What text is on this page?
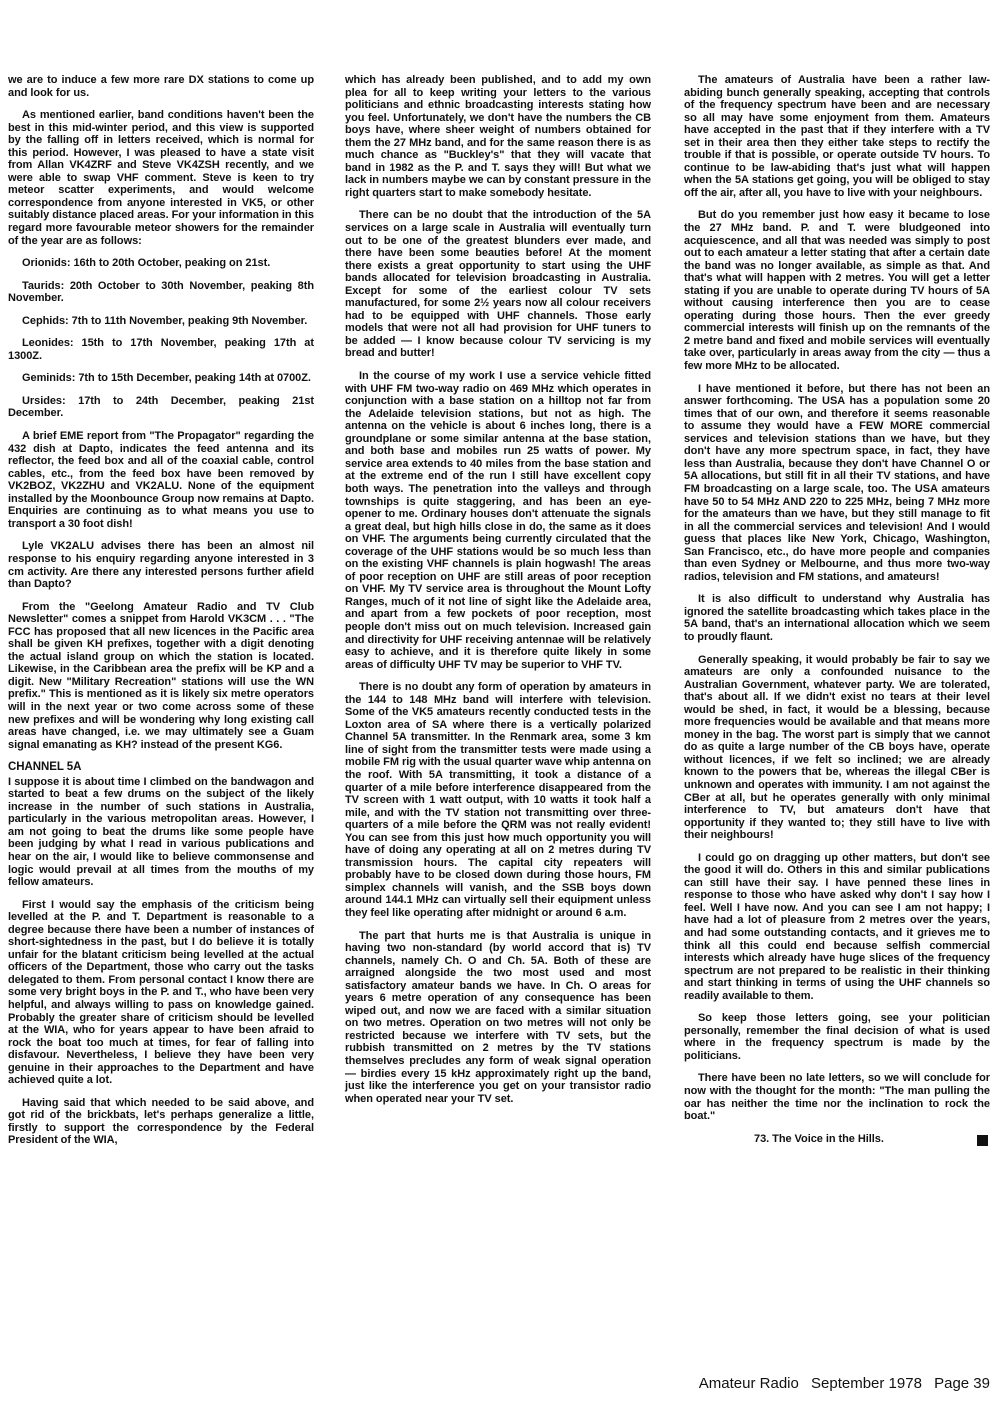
we are to induce a few more rare DX stations to come up and look for us.

As mentioned earlier, band conditions haven't been the best in this mid-winter period, and this view is supported by the falling off in letters received, which is normal for this period. However, I was pleased to have a state visit from Allan VK4ZRF and Steve VK4ZSH recently, and we were able to swap VHF comment. Steve is keen to try meteor scatter experiments, and would welcome correspondence from anyone interested in VK5, or other suitably distance placed areas. For your information in this regard more favourable meteor showers for the remainder of the year are as follows:

Orionids: 16th to 20th October, peaking on 21st.

Taurids: 20th October to 30th November, peaking 8th November.

Cephids: 7th to 11th November, peaking 9th November.

Leonides: 15th to 17th November, peaking 17th at 1300Z.

Geminids: 7th to 15th December, peaking 14th at 0700Z.

Ursides: 17th to 24th December, peaking 21st December.

A brief EME report from "The Propagator" regarding the 432 dish at Dapto, indicates the feed antenna and its reflector, the feed box and all of the coaxial cable, control cables, etc., from the feed box have been removed by VK2BOZ, VK2ZHU and VK2ALU. None of the equipment installed by the Moonbounce Group now remains at Dapto. Enquiries are continuing as to what means you use to transport a 30 foot dish!

Lyle VK2ALU advises there has been an almost nil response to his enquiry regarding anyone interested in 3 cm activity. Are there any interested persons further afield than Dapto?

From the "Geelong Amateur Radio and TV Club Newsletter" comes a snippet from Harold VK3CM . . . "The FCC has proposed that all new licences in the Pacific area shall be given KH prefixes, together with a digit denoting the actual island group on which the station is located. Likewise, in the Caribbean area the prefix will be KP and a digit. New "Military Recreation" stations will use the WN prefix." This is mentioned as it is likely six metre operators will in the next year or two come across some of these new prefixes and will be wondering why long existing call areas have changed, i.e. we may ultimately see a Guam signal emanating as KH? instead of the present KG6.

CHANNEL 5A

I suppose it is about time I climbed on the bandwagon and started to beat a few drums on the subject of the likely increase in the number of such stations in Australia, particularly in the various metropolitan areas. However, I am not going to beat the drums like some people have been judging by what I read in various publications and hear on the air, I would like to believe commonsense and logic would prevail at all times from the mouths of my fellow amateurs.

First I would say the emphasis of the criticism being levelled at the P. and T. Department is reasonable to a degree because there have been a number of instances of short-sightedness in the past, but I do believe it is totally unfair for the blatant criticism being levelled at the actual officers of the Department, those who carry out the tasks delegated to them. From personal contact I know there are some very bright boys in the P. and T., who have been very helpful, and always willing to pass on knowledge gained. Probably the greater share of criticism should be levelled at the WIA, who for years appear to have been afraid to rock the boat too much at times, for fear of falling into disfavour. Nevertheless, I believe they have been very genuine in their approaches to the Department and have achieved quite a lot.

Having said that which needed to be said above, and got rid of the brickbats, let's perhaps generalize a little, firstly to support the correspondence by the Federal President of the WIA,

which has already been published, and to add my own plea for all to keep writing your letters to the various politicians and ethnic broadcasting interests stating how you feel. Unfortunately, we don't have the numbers the CB boys have, where sheer weight of numbers obtained for them the 27 MHz band, and for the same reason there is as much chance as "Buckley's" that they will vacate that band in 1982 as the P. and T. says they will! But what we lack in numbers maybe we can by constant pressure in the right quarters start to make somebody hesitate.

There can be no doubt that the introduction of the 5A services on a large scale in Australia will eventually turn out to be one of the greatest blunders ever made, and there have been some beauties before! At the moment there exists a great opportunity to start using the UHF bands allocated for television broadcasting in Australia. Except for some of the earliest colour TV sets manufactured, for some 2½ years now all colour receivers had to be equipped with UHF channels. Those early models that were not all had provision for UHF tuners to be added — I know because colour TV servicing is my bread and butter!

In the course of my work I use a service vehicle fitted with UHF FM two-way radio on 469 MHz which operates in conjunction with a base station on a hilltop not far from the Adelaide television stations, but not as high. The antenna on the vehicle is about 6 inches long, there is a groundplane or some similar antenna at the base station, and both base and mobiles run 25 watts of power. My service area extends to 40 miles from the base station and at the extreme end of the run I still have excellent copy both ways. The penetration into the valleys and through townships is quite staggering, and has been an eye-opener to me. Ordinary houses don't attenuate the signals a great deal, but high hills close in do, the same as it does on VHF. The arguments being currently circulated that the coverage of the UHF stations would be so much less than on the existing VHF channels is plain hogwash! The areas of poor reception on UHF are still areas of poor reception on VHF. My TV service area is throughout the Mount Lofty Ranges, much of it not line of sight like the Adelaide area, and apart from a few pockets of poor reception, most people don't miss out on much television. Increased gain and directivity for UHF receiving antennae will be relatively easy to achieve, and it is therefore quite likely in some areas of difficulty UHF TV may be superior to VHF TV.

There is no doubt any form of operation by amateurs in the 144 to 148 MHz band will interfere with television. Some of the VK5 amateurs recently conducted tests in the Loxton area of SA where there is a vertically polarized Channel 5A transmitter. In the Renmark area, some 3 km line of sight from the transmitter tests were made using a mobile FM rig with the usual quarter wave whip antenna on the roof. With 5A transmitting, it took a distance of a quarter of a mile before interference disappeared from the TV screen with 1 watt output, with 10 watts it took half a mile, and with the TV station not transmitting over three-quarters of a mile before the QRM was not really evident! You can see from this just how much opportunity you will have of doing any operating at all on 2 metres during TV transmission hours. The capital city repeaters will probably have to be closed down during those hours, FM simplex channels will vanish, and the SSB boys down around 144.1 MHz can virtually sell their equipment unless they feel like operating after midnight or around 6 a.m.

The part that hurts me is that Australia is unique in having two non-standard (by world accord that is) TV channels, namely Ch. O and Ch. 5A. Both of these are arraigned alongside the two most used and most satisfactory amateur bands we have. In Ch. O areas for years 6 metre operation of any consequence has been wiped out, and now we are faced with a similar situation on two metres. Operation on two metres will not only be restricted because we interfere with TV sets, but the rubbish transmitted on 2 metres by the TV stations themselves precludes any form of weak signal operation — birdies every 15 kHz approximately right up the band, just like the interference you get on your transistor radio when operated near your TV set.

The amateurs of Australia have been a rather law-abiding bunch generally speaking, accepting that controls of the frequency spectrum have been and are necessary so all may have some enjoyment from them. Amateurs have accepted in the past that if they interfere with a TV set in their area then they either take steps to rectify the trouble if that is possible, or operate outside TV hours. To continue to be law-abiding that's just what will happen when the 5A stations get going, you will be obliged to stay off the air, after all, you have to live with your neighbours.

But do you remember just how easy it became to lose the 27 MHz band. P. and T. were bludgeoned into acquiescence, and all that was needed was simply to post out to each amateur a letter stating that after a certain date the band was no longer available, as simple as that. And that's what will happen with 2 metres. You will get a letter stating if you are unable to operate during TV hours of 5A without causing interference then you are to cease operating during those hours. Then the ever greedy commercial interests will finish up on the remnants of the 2 metre band and fixed and mobile services will eventually take over, particularly in areas away from the city — thus a few more MHz to be allocated.

I have mentioned it before, but there has not been an answer forthcoming. The USA has a population some 20 times that of our own, and therefore it seems reasonable to assume they would have a FEW MORE commercial services and television stations than we have, but they don't have any more spectrum space, in fact, they have less than Australia, because they don't have Channel O or 5A allocations, but still fit in all their TV stations, and have FM broadcasting on a large scale, too. The USA amateurs have 50 to 54 MHz AND 220 to 225 MHz, being 7 MHz more for the amateurs than we have, but they still manage to fit in all the commercial services and television! And I would guess that places like New York, Chicago, Washington, San Francisco, etc., do have more people and companies than even Sydney or Melbourne, and thus more two-way radios, television and FM stations, and amateurs!

It is also difficult to understand why Australia has ignored the satellite broadcasting which takes place in the 5A band, that's an international allocation which we seem to proudly flaunt.

Generally speaking, it would probably be fair to say we amateurs are only a confounded nuisance to the Australian Government, whatever party. We are tolerated, that's about all. If we didn't exist no tears at their level would be shed, in fact, it would be a blessing, because more frequencies would be available and that means more money in the bag. The worst part is simply that we cannot do as quite a large number of the CB boys have, operate without licences, if we felt so inclined; we are already known to the powers that be, whereas the illegal CBer is unknown and operates with immunity. I am not against the CBer at all, but he operates generally with only minimal interference to TV, but amateurs don't have that opportunity if they wanted to; they still have to live with their neighbours!

I could go on dragging up other matters, but don't see the good it will do. Others in this and similar publications can still have their say. I have penned these lines in response to those who have asked why don't I say how I feel. Well I have now. And you can see I am not happy; I have had a lot of pleasure from 2 metres over the years, and had some outstanding contacts, and it grieves me to think all this could end because selfish commercial interests which already have huge slices of the frequency spectrum are not prepared to be realistic in their thinking and start thinking in terms of using the UHF channels so readily available to them.

So keep those letters going, see your politician personally, remember the final decision of what is used where in the frequency spectrum is made by the politicians.

There have been no late letters, so we will conclude for now with the thought for the month: "The man pulling the oar has neither the time nor the inclination to rock the boat."

73. The Voice in the Hills.
Amateur Radio September 1978 Page 39
